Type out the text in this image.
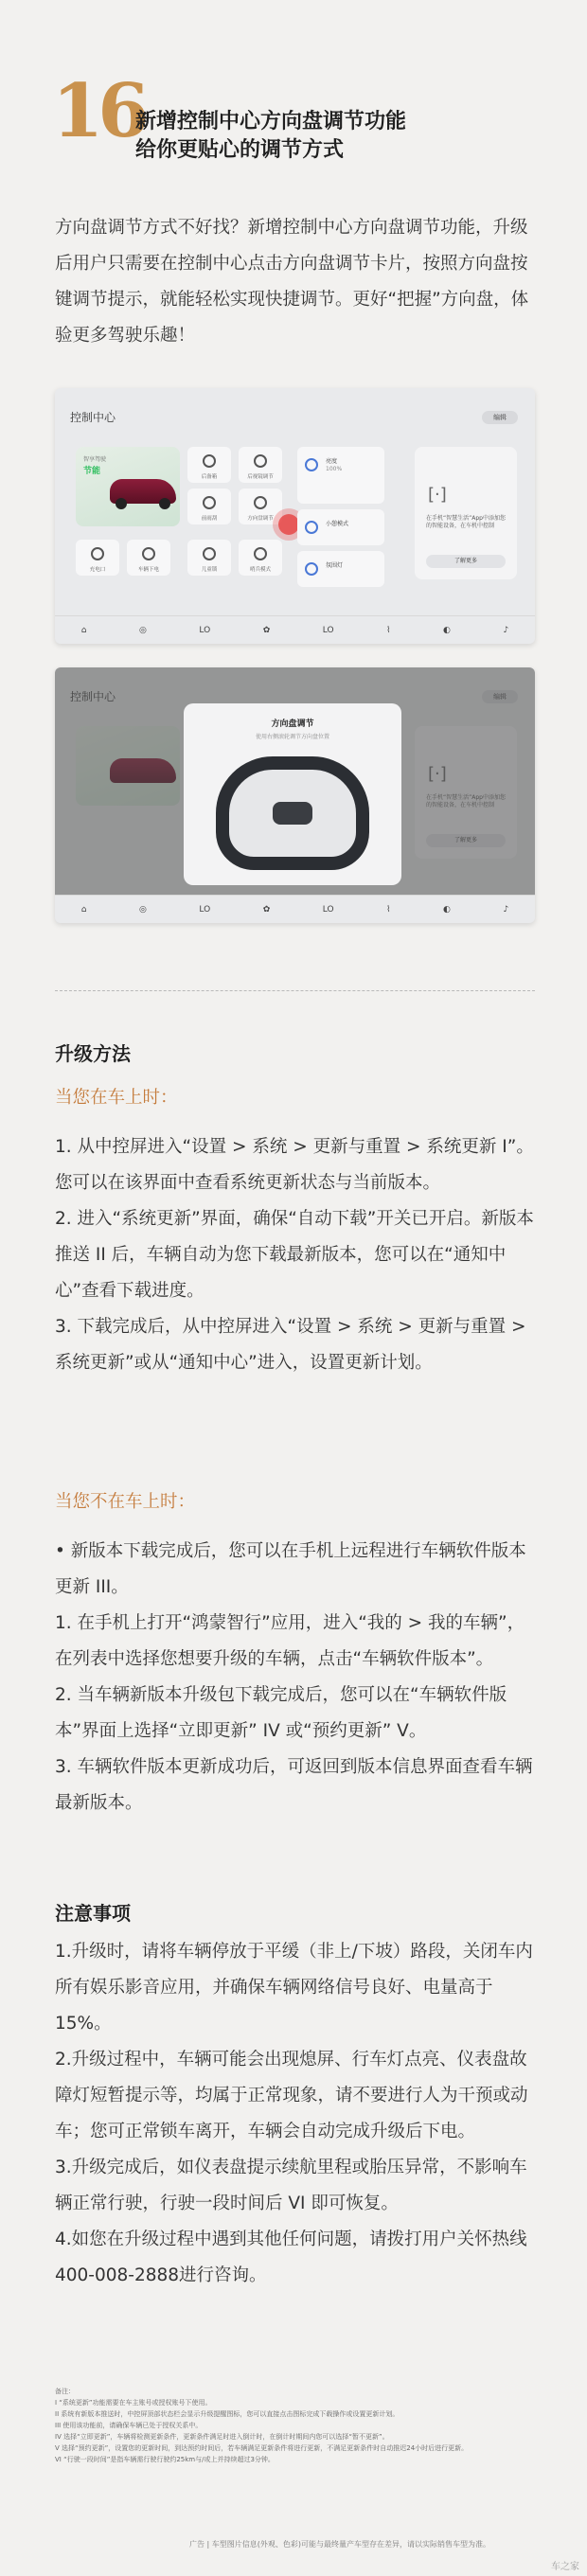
16
新增控制中心方向盘调节功能
给你更贴心的调节方式
方向盘调节方式不好找？新增控制中心方向盘调节功能，升级后用户只需要在控制中心点击方向盘调节卡片，按照方向盘按键调节提示，就能轻松实现快捷调节。更好“把握”方向盘，体验更多驾驶乐趣！
控制中心	编辑
智享驾驶
节能
后备箱	后视镜调节
前雨刮	方向盘调节
充电口	车辆下电	儿童锁	哨兵模式
亮度
100%
小憩模式
氛围灯
[·]
在手机“智慧生活”App中添加您的智能设备，在车机中控制
了解更多
⌂	◎	LO	✿	LO	⌇	◐	♪
方向盘调节
使用右侧滚轮调节方向盘位置
⌂	◎	LO	✿	LO	⌇	◐	♪
升级方法
当您在车上时：

1. 从中控屏进入“设置 > 系统 > 更新与重置 > 系统更新 I”。您可以在该界面中查看系统更新状态与当前版本。

2. 进入“系统更新”界面，确保“自动下载”开关已开启。新版本推送 II 后，车辆自动为您下载最新版本，您可以在“通知中心”查看下载进度。

3. 下载完成后，从中控屏进入“设置 > 系统 > 更新与重置 > 系统更新”或从“通知中心”进入，设置更新计划。

当您不在车上时：

• 新版本下载完成后，您可以在手机上远程进行车辆软件版本更新 III。

1. 在手机上打开“鸿蒙智行”应用，进入“我的 > 我的车辆”，在列表中选择您想要升级的车辆，点击“车辆软件版本”。

2. 当车辆新版本升级包下载完成后，您可以在“车辆软件版本”界面上选择“立即更新” IV 或“预约更新” V。

3. 车辆软件版本更新成功后，可返回到版本信息界面查看车辆最新版本。

注意事项

1.升级时，请将车辆停放于平缓（非上/下坡）路段，关闭车内所有娱乐影音应用，并确保车辆网络信号良好、电量高于15%。

2.升级过程中，车辆可能会出现熄屏、行车灯点亮、仪表盘故障灯短暂提示等，均属于正常现象，请不要进行人为干预或动车；您可正常锁车离开，车辆会自动完成升级后下电。

3.升级完成后，如仪表盘提示续航里程或胎压异常，不影响车辆正常行驶，行驶一段时间后 VI 即可恢复。

4.如您在升级过程中遇到其他任何问题，请拨打用户关怀热线400-008-2888进行咨询。

备注：

I “系统更新”功能需要在车主账号或授权账号下使用。

II 系统有新版本推送时，中控屏顶部状态栏会显示升级提醒图标，您可以直接点击图标完成下载操作或设置更新计划。

III 使用该功能前，请确保车辆已处于授权关系中。

IV 选择“立即更新”，车辆将检测更新条件，更新条件满足时进入倒计时，在倒计时期间内您可以选择“暂不更新”。

V 选择“预约更新”，设置您的更新时间，到达预约时间后，若车辆满足更新条件将进行更新，不满足更新条件时自动推迟24小时后进行更新。

VI “行驶一段时间”是指车辆需行驶行驶约25km与/或上并持续超过3分钟。

广告 | 车型图片信息(外观、色彩)可能与最终量产车型存在差异，请以实际销售车型为准。
车之家
